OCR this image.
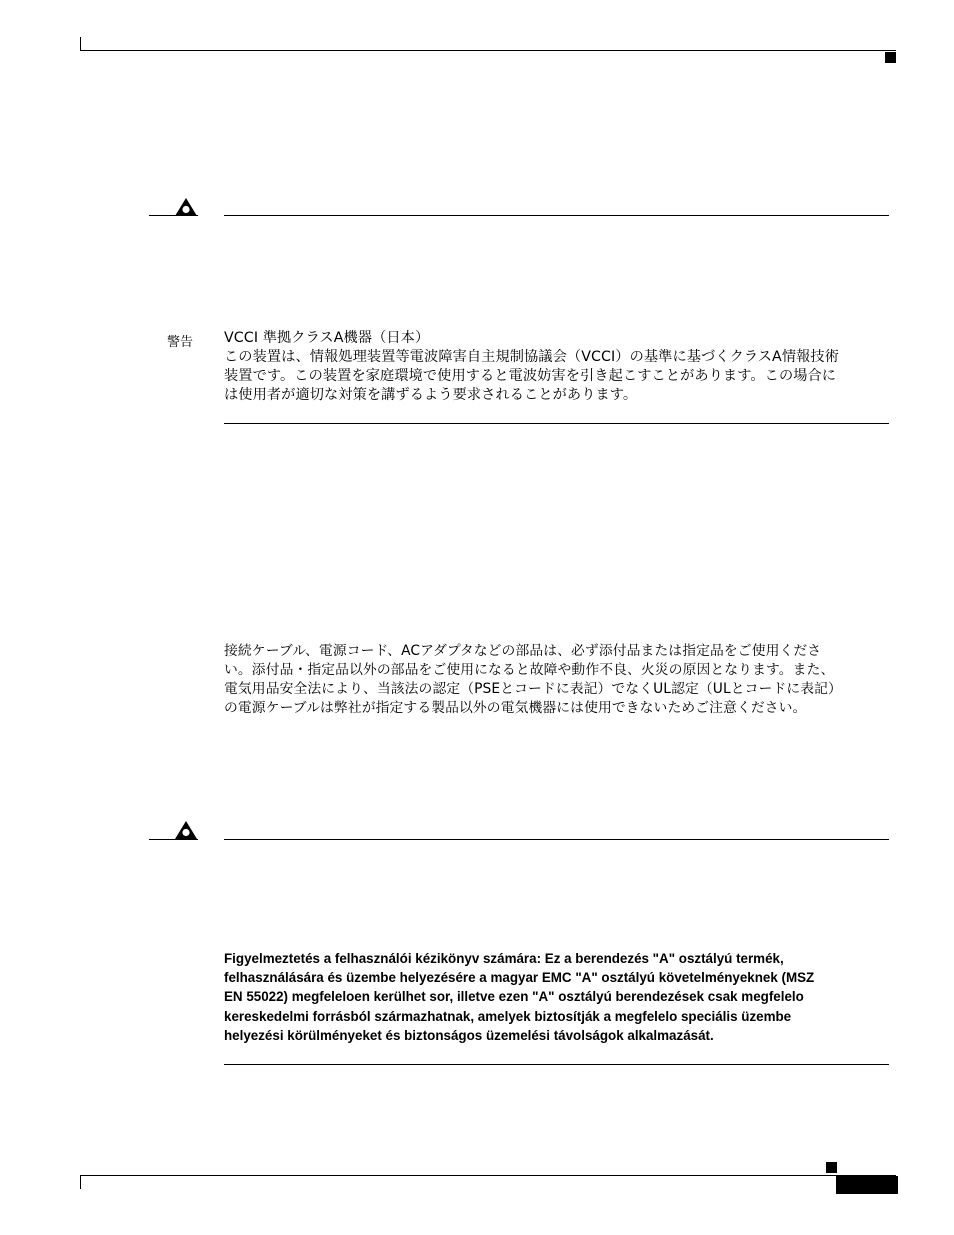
警告 VCCI 準拠クラスA機器（日本）
この装置は、情報処理装置等電波障害自主規制協議会（VCCI）の基準に基づくクラスA情報技術
装置です。この装置を家庭環境で使用すると電波妨害を引き起こすことがあります。この場合に
は使用者が適切な対策を講ずるよう要求されることがあります。
接続ケーブル、電源コード、ACアダプタなどの部品は、必ず添付品または指定品をご使用くださ
い。添付品・指定品以外の部品をご使用になると故障や動作不良、火災の原因となります。また、
電気用品安全法により、当該法の認定（PSEとコードに表記）でなくUL認定（ULとコードに表記）
の電源ケーブルは弊社が指定する製品以外の電気機器には使用できないためご注意ください。
Figyelmeztetés a felhasználói kézikönyv számára: Ez a berendezés "A" osztályú termék,
felhasználására és üzembe helyezésére a magyar EMC "A" osztályú követelményeknek (MSZ
EN 55022) megfeleloen kerülhet sor, illetve ezen "A" osztályú berendezések csak megfelelo
kereskedelmi forrásból származhatnak, amelyek biztosítják a megfelelo speciális üzembe
helyezési körülményeket és biztonságos üzemelési távolságok alkalmazását.
